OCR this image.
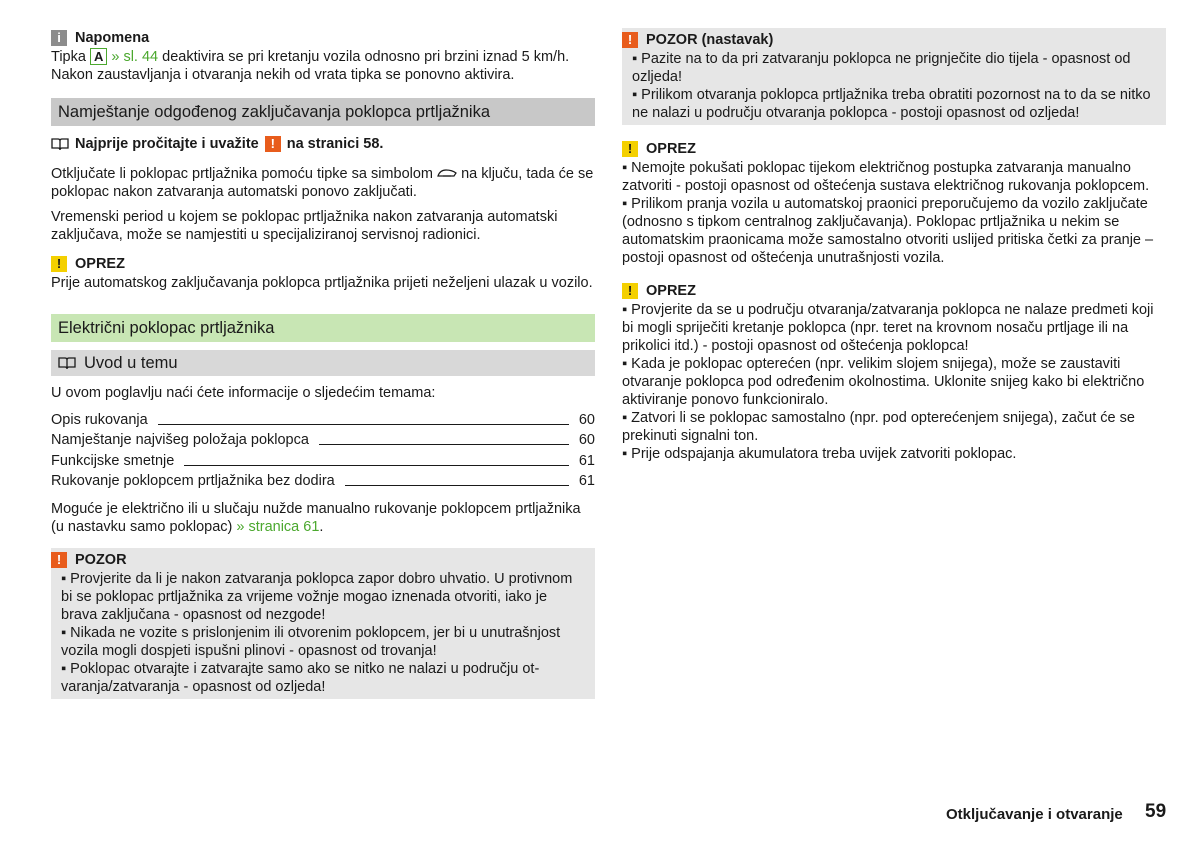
i Napomena

Tipka A » sl. 44 deaktivira se pri kretanju vozila odnosno pri brzini iznad 5 km/h. Nakon zaustavljanja i otvaranja nekih od vrata tipka se ponovno aktivira.

Namještanje odgođenog zaključavanja poklopca prtljažnika

Najprije pročitajte i uvažite ! na stranici 58.

Otključate li poklopac prtljažnika pomoću tipke sa simbolom  na ključu, tada će se poklopac nakon zatvaranja automatski ponovo zaključati.

Vremenski period u kojem se poklopac prtljažnika nakon zatvaranja automatski zaključava, može se namjestiti u specijaliziranoj servisnoj radionici.

! OPREZ

Prije automatskog zaključavanja poklopca prtljažnika prijeti neželjeni ulazak u vozilo.

Električni poklopac prtljažnika
Uvod u temu

U ovom poglavlju naći ćete informacije o sljedećim temama:

Opis rukovanja	60
Namještanje najvišeg položaja poklopca	60
Funkcijske smetnje	61
Rukovanje poklopcem prtljažnika bez dodira	61

Moguće je električno ili u slučaju nužde manualno rukovanje poklopcem prtljažnika (u nastavku samo poklopac) » stranica 61.

! POZOR

▪ Provjerite da li je nakon zatvaranja poklopca zapor dobro uhvatio. U protivnom bi se poklopac prtljažnika za vrijeme vožnje mogao iznenada otvoriti, iako je brava zaključana - opasnost od nezgode!

▪ Nikada ne vozite s prislonjenim ili otvorenim poklopcem, jer bi u unutrašnjost vozila mogli dospjeti ispušni plinovi - opasnost od trovanja!

▪ Poklopac otvarajte i zatvarajte samo ako se nitko ne nalazi u području otvaranja/zatvaranja - opasnost od ozljeda!

! POZOR (nastavak)

▪ Pazite na to da pri zatvaranju poklopca ne prignječite dio tijela - opasnost od ozljeda!

▪ Prilikom otvaranja poklopca prtljažnika treba obratiti pozornost na to da se nitko ne nalazi u području otvaranja poklopca - postoji opasnost od ozljeda!

! OPREZ

▪ Nemojte pokušati poklopac tijekom električnog postupka zatvaranja manualno zatvoriti - postoji opasnost od oštećenja sustava električnog rukovanja poklopcem.

▪ Prilikom pranja vozila u automatskoj praonici preporučujemo da vozilo zaključate (odnosno s tipkom centralnog zaključavanja). Poklopac prtljažnika u nekim se automatskim praonicama može samostalno otvoriti uslijed pritiska četki za pranje – postoji opasnost od oštećenja unutrašnjosti vozila.

! OPREZ

▪ Provjerite da se u području otvaranja/zatvaranja poklopca ne nalaze predmeti koji bi mogli spriječiti kretanje poklopca (npr. teret na krovnom nosaču prtljage ili na prikolici itd.) - postoji opasnost od oštećenja poklopca!

▪ Kada je poklopac opterećen (npr. velikim slojem snijega), može se zaustaviti otvaranje poklopca pod određenim okolnostima. Uklonite snijeg kako bi električno aktiviranje ponovo funkcioniralo.

▪ Zatvori li se poklopac samostalno (npr. pod opterećenjem snijega), začut će se prekinuti signalni ton.

▪ Prije odspajanja akumulatora treba uvijek zatvoriti poklopac.

Otključavanje i otvaranje 59
